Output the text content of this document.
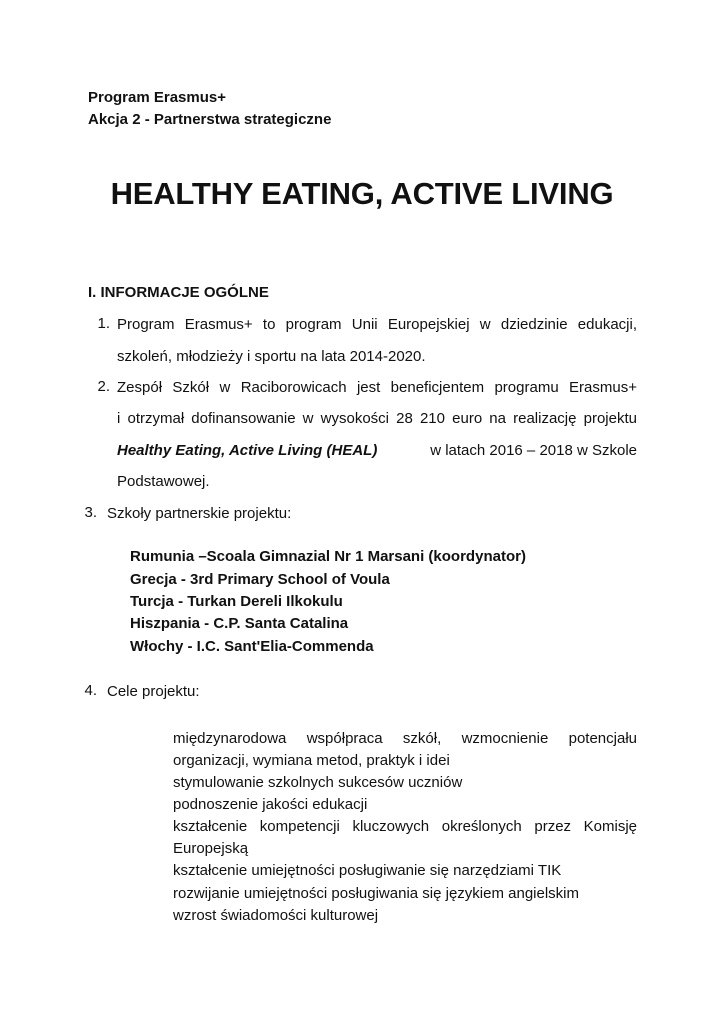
Program Erasmus+
Akcja 2 - Partnerstwa strategiczne
HEALTHY EATING, ACTIVE LIVING
I. INFORMACJE OGÓLNE
1. Program Erasmus+ to program Unii Europejskiej w dziedzinie edukacji,
szkoleń, młodzieży i sportu na lata 2014-2020.
2. Zespół Szkół w Raciborowicach jest beneficjentem programu Erasmus+
i otrzymał dofinansowanie w wysokości 28 210 euro na realizację projektu
Healthy Eating, Active Living (HEAL)	w latach 2016 – 2018 w Szkole
Podstawowej.
3. Szkoły partnerskie projektu:
Rumunia –Scoala Gimnazial Nr 1 Marsani (koordynator)
Grecja - 3rd Primary School of Voula
Turcja - Turkan Dereli Ilkokulu
Hiszpania - C.P. Santa Catalina
Włochy - I.C. Sant'Elia-Commenda
4. Cele projektu:
międzynarodowa współpraca szkół, wzmocnienie potencjału
organizacji, wymiana metod, praktyk i idei
stymulowanie szkolnych sukcesów uczniów
podnoszenie jakości edukacji
kształcenie kompetencji kluczowych określonych przez Komisję
Europejską
kształcenie umiejętności posługiwanie się narzędziami TIK
rozwijanie umiejętności posługiwania się językiem angielskim
wzrost świadomości kulturowej
